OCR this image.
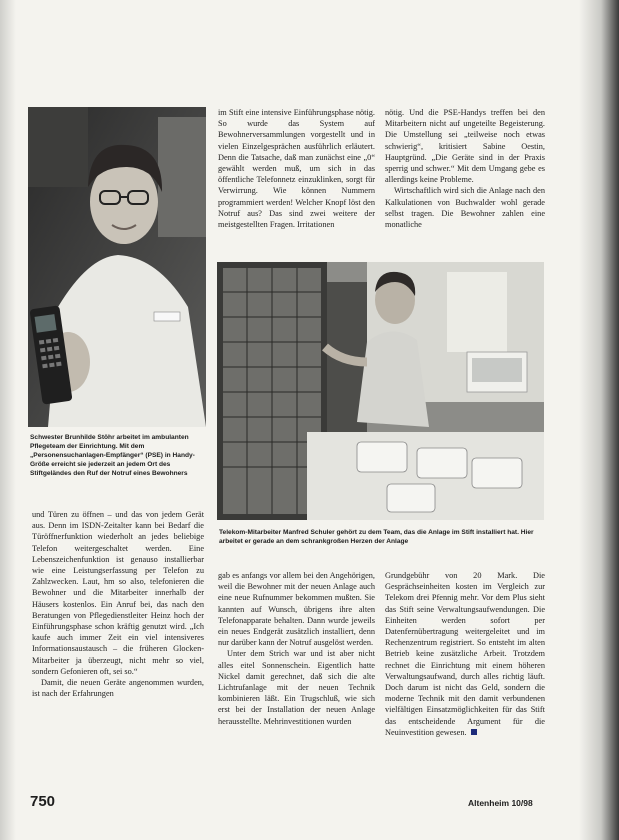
im Stift eine intensive Einführungsphase nötig. So wurde das System auf Bewohnerversammlungen vorgestellt und in vielen Einzelgesprächen ausführlich erläutert. Denn die Tatsache, daß man zunächst eine „0“ gewählt werden muß, um sich in das öffentliche Telefonnetz einzuklinken, sorgt für Verwirrung. Wie können Nummern programmiert werden! Welcher Knopf löst den Notruf aus? Das sind zwei weitere der meistgestellten Fragen. Irritationen

nötig. Und die PSE-Handys treffen bei den Mitarbeitern nicht auf ungeteilte Begeisterung. Die Umstellung sei „teilweise noch etwas schwierig“, kritisiert Sabine Oestin, Hauptgründ. „Die Geräte sind in der Praxis sperrig und schwer.“ Mit dem Umgang gebe es allerdings keine Probleme.

Wirtschaftlich wird sich die Anlage nach den Kalkulationen von Buchwalder wohl gerade selbst tragen. Die Bewohner zahlen eine monatliche

Schwester Brunhilde Stöhr arbeitet im ambulanten Pflegeteam der Einrichtung. Mit dem „Personensuchanlagen-Empfänger“ (PSE) in Handy-Größe erreicht sie jederzeit an jedem Ort des Stiftgeländes den Ruf der Notruf eines Bewohners
Telekom-Mitarbeiter Manfred Schuler gehört zu dem Team, das die Anlage im Stift installiert hat. Hier arbeitet er gerade an dem schrankgroßen Herzen der Anlage

und Türen zu öffnen – und das von jedem Gerät aus. Denn im ISDN-Zeitalter kann bei Bedarf die Türöffnerfunktion wiederholt an jedes beliebige Telefon weitergeschaltet werden. Eine Lebenszeichenfunktion ist genauso installierbar wie eine Leistungserfassung per Telefon zu Zahlzwecken. Laut, hm so also, telefonieren die Bewohner und die Mitarbeiter innerhalb der Häusers kostenlos. Ein Anruf bei, das nach den Beratungen von Pflegedienstleiter Heinz hoch der Einführungsphase schon kräftig genutzt wird. „Ich kaufe auch immer Zeit ein viel intensiveres Informationsaustausch – die früheren Glocken-Mitarbeiter ja überzeugt, nicht mehr so viel, sondern Gefonieren oft, sei so.“

Damit, die neuen Geräte angenommen wurden, ist nach der Erfahrungen

gab es anfangs vor allem bei den Angehörigen, weil die Bewohner mit der neuen Anlage auch eine neue Rufnummer bekommen mußten. Sie kannten auf Wunsch, übrigens ihre alten Telefonapparate behalten. Dann wurde jeweils ein neues Endgerät zusätzlich installiert, denn nur darüber kann der Notruf ausgelöst werden.

Unter dem Strich war und ist aber nicht alles eitel Sonnenschein. Eigentlich hatte Nickel damit gerechnet, daß sich die alte Lichtrufanlage mit der neuen Technik kombinieren läßt. Ein Trugschluß, wie sich erst bei der Installation der neuen Anlage herausstellte. Mehrinvestitionen wurden

Grundgebühr von 20 Mark. Die Gesprächseinheiten kosten im Vergleich zur Telekom drei Pfennig mehr. Vor dem Plus sieht das Stift seine Verwaltungsaufwendungen. Die Einheiten werden sofort per Datenfernübertragung weitergeleitet und im Rechenzentrum registriert. So entsteht im alten Betrieb keine zusätzliche Arbeit. Trotzdem rechnet die Einrichtung mit einem höheren Verwaltungsaufwand, durch alles richtig läuft. Doch darum ist nicht das Geld, sondern die moderne Technik mit den damit verbundenen vielfältigen Einsatzmöglichkeiten für das Stift das entscheidende Argument für die Neuinvestition gewesen.

750	Altenheim 10/98
